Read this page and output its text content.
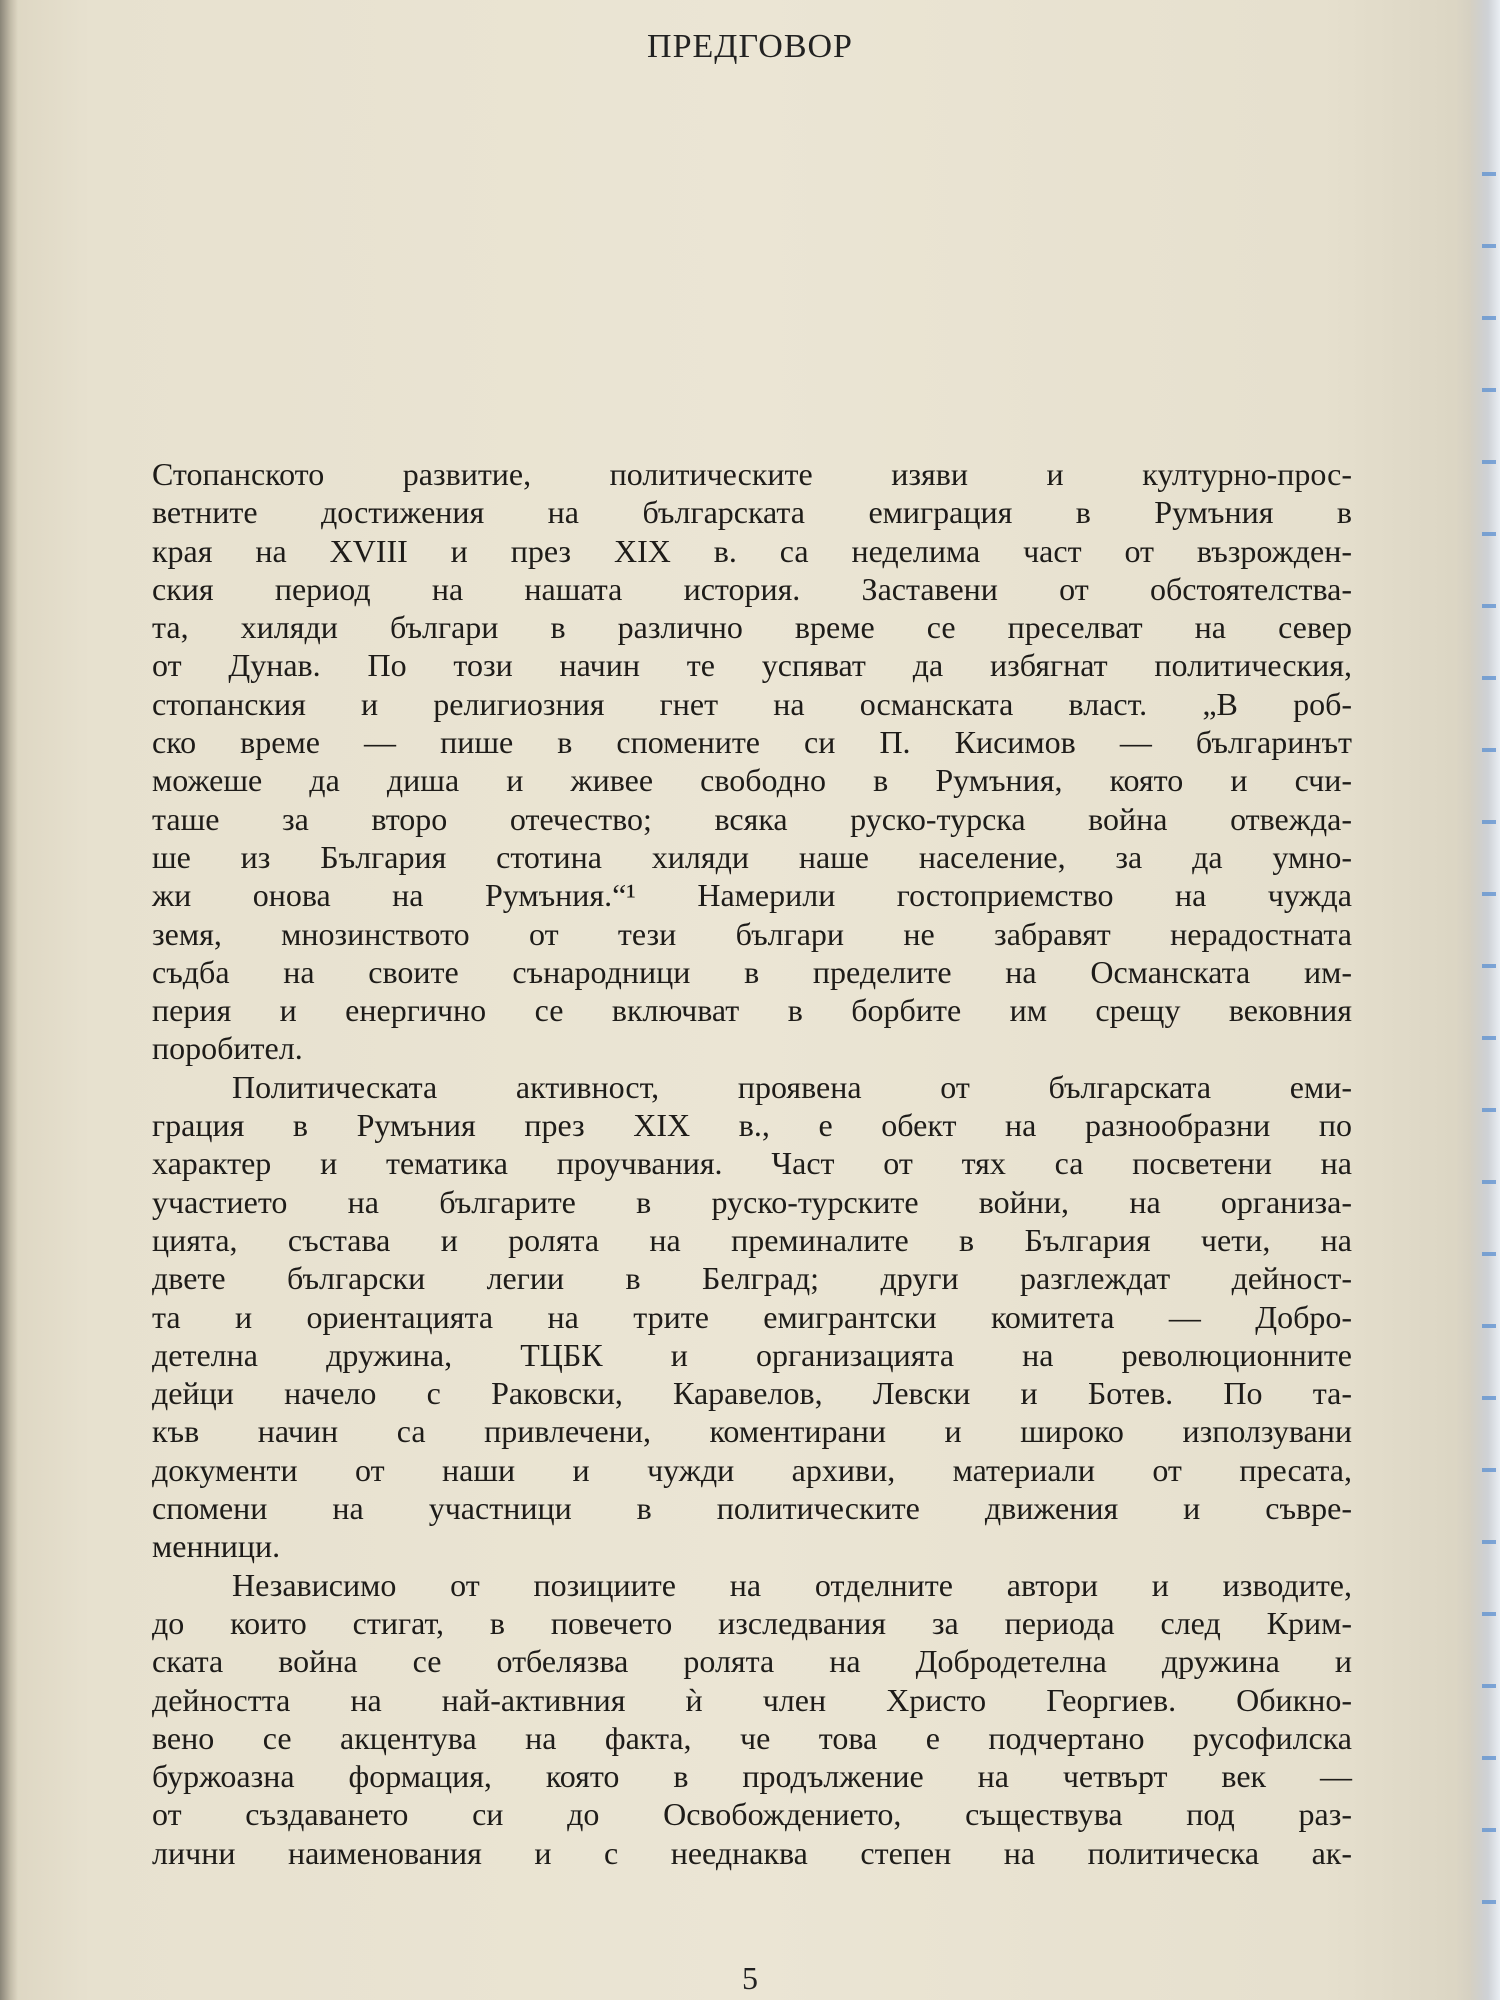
ПРЕДГОВОР
Стопанското развитие, политическите изяви и културно-прос-
ветните достижения на българската емиграция в Румъния в
края на XVIII и през XIX в. са неделима част от възрожден-
ския период на нашата история. Заставени от обстоятелства-
та, хиляди българи в различно време се преселват на север
от Дунав. По този начин те успяват да избягнат политическия,
стопанския и религиозния гнет на османската власт. „В роб-
ско време — пише в спомените си П. Кисимов — българинът
можеше да диша и живее свободно в Румъния, която и счи-
таше за второ отечество; всяка руско-турска война отвежда-
ше из България стотина хиляди наше население, за да умно-
жи онова на Румъния.“¹ Намерили гостоприемство на чужда
земя, мнозинството от тези българи не забравят нерадостната
съдба на своите сънародници в пределите на Османската им-
перия и енергично се включват в борбите им срещу вековния
поробител.
Политическата активност, проявена от българската еми-
грация в Румъния през XIX в., е обект на разнообразни по
характер и тематика проучвания. Част от тях са посветени на
участието на българите в руско-турските войни, на организа-
цията, състава и ролята на преминалите в България чети, на
двете български легии в Белград; други разглеждат дейност-
та и ориентацията на трите емигрантски комитета — Добро-
детелна дружина, ТЦБК и организацията на революционните
дейци начело с Раковски, Каравелов, Левски и Ботев. По та-
къв начин са привлечени, коментирани и широко използувани
документи от наши и чужди архиви, материали от пресата,
спомени на участници в политическите движения и съвре-
менници.
Независимо от позициите на отделните автори и изводите,
до които стигат, в повечето изследвания за периода след Крим-
ската война се отбелязва ролята на Добродетелна дружина и
дейността на най-активния ѝ член Христо Георгиев. Обикно-
вено се акцентува на факта, че това е подчертано русофилска
буржоазна формация, която в продължение на четвърт век —
от създаването си до Освобождението, съществува под раз-
лични наименования и с нееднаква степен на политическа ак-
5
